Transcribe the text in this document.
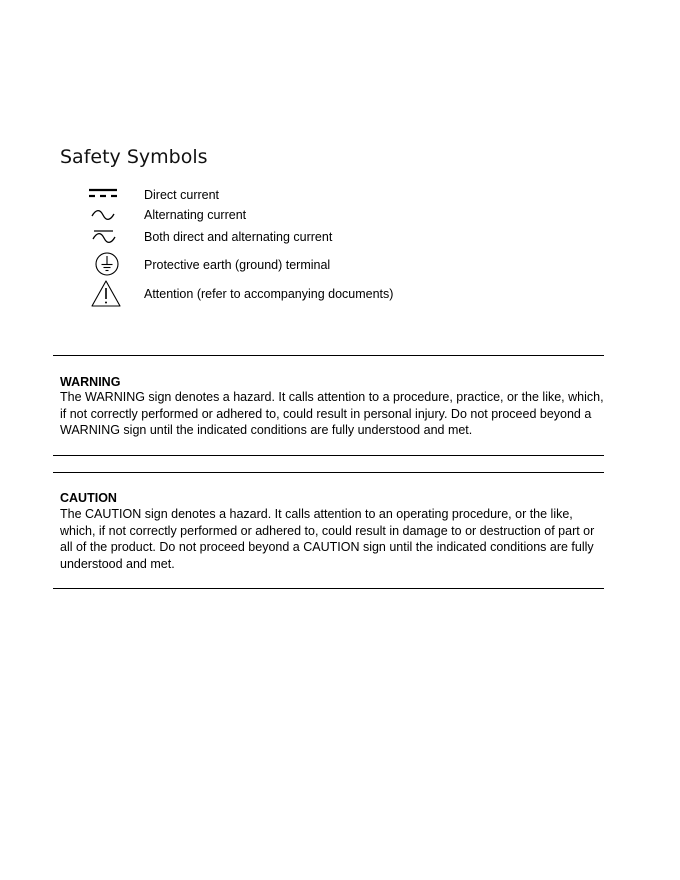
Safety Symbols
Direct current
Alternating current
Both direct and alternating current
Protective earth (ground) terminal
Attention (refer to accompanying documents)
WARNING
The WARNING sign denotes a hazard. It calls attention to a procedure, practice, or the like, which, if not correctly performed or adhered to, could result in personal injury. Do not proceed beyond a WARNING sign until the indicated conditions are fully understood and met.
CAUTION
The CAUTION sign denotes a hazard. It calls attention to an operating procedure, or the like, which, if not correctly performed or adhered to, could result in damage to or destruction of part or all of the product. Do not proceed beyond a CAUTION sign until the indicated conditions are fully understood and met.
